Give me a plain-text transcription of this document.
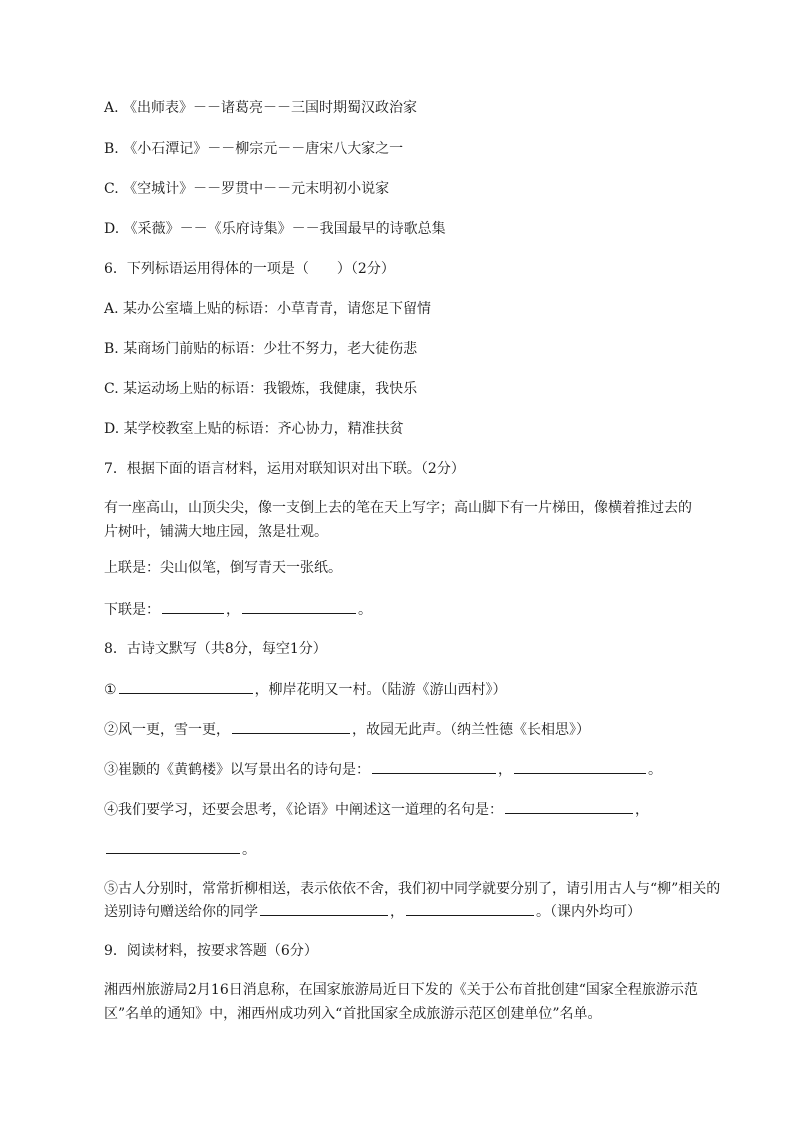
A. 《出师表》－－诸葛亮－－三国时期蜀汉政治家
B. 《小石潭记》－－柳宗元－－唐宋八大家之一
C. 《空城计》－－罗贯中－－元末明初小说家
D. 《采薇》－－《乐府诗集》－－我国最早的诗歌总集
6．下列标语运用得体的一项是（　　）（2分）
A. 某办公室墙上贴的标语：小草青青，请您足下留情
B. 某商场门前贴的标语：少壮不努力，老大徒伤悲
C. 某运动场上贴的标语：我锻炼，我健康，我快乐
D. 某学校教室上贴的标语：齐心协力，精准扶贫
7．根据下面的语言材料，运用对联知识对出下联。（2分）
有一座高山，山顶尖尖，像一支倒上去的笔在天上写字；高山脚下有一片梯田，像横着推过去的片树叶，铺满大地庄园，煞是壮观。
上联是：尖山似笔，倒写青天一张纸。
下联是：	，	。
8．古诗文默写（共8分，每空1分）
①	，柳岸花明又一村。（陆游《游山西村》）
②风一更，雪一更，	，故园无此声。（纳兰性德《长相思》）
③崔颢的《黄鹤楼》以写景出名的诗句是：	，	。
④我们要学习，还要会思考，《论语》中阐述这一道理的名句是：	，
。
⑤古人分别时，常常折柳相送，表示依依不舍，我们初中同学就要分别了，请引用古人与“柳”相关的
送别诗句赠送给你的同学	，	。（课内外均可）
9．阅读材料，按要求答题（6分）
湘西州旅游局2月16日消息称，在国家旅游局近日下发的《关于公布首批创建“国家全程旅游示范区”名单的通知》中，湘西州成功列入“首批国家全成旅游示范区创建单位”名单。
